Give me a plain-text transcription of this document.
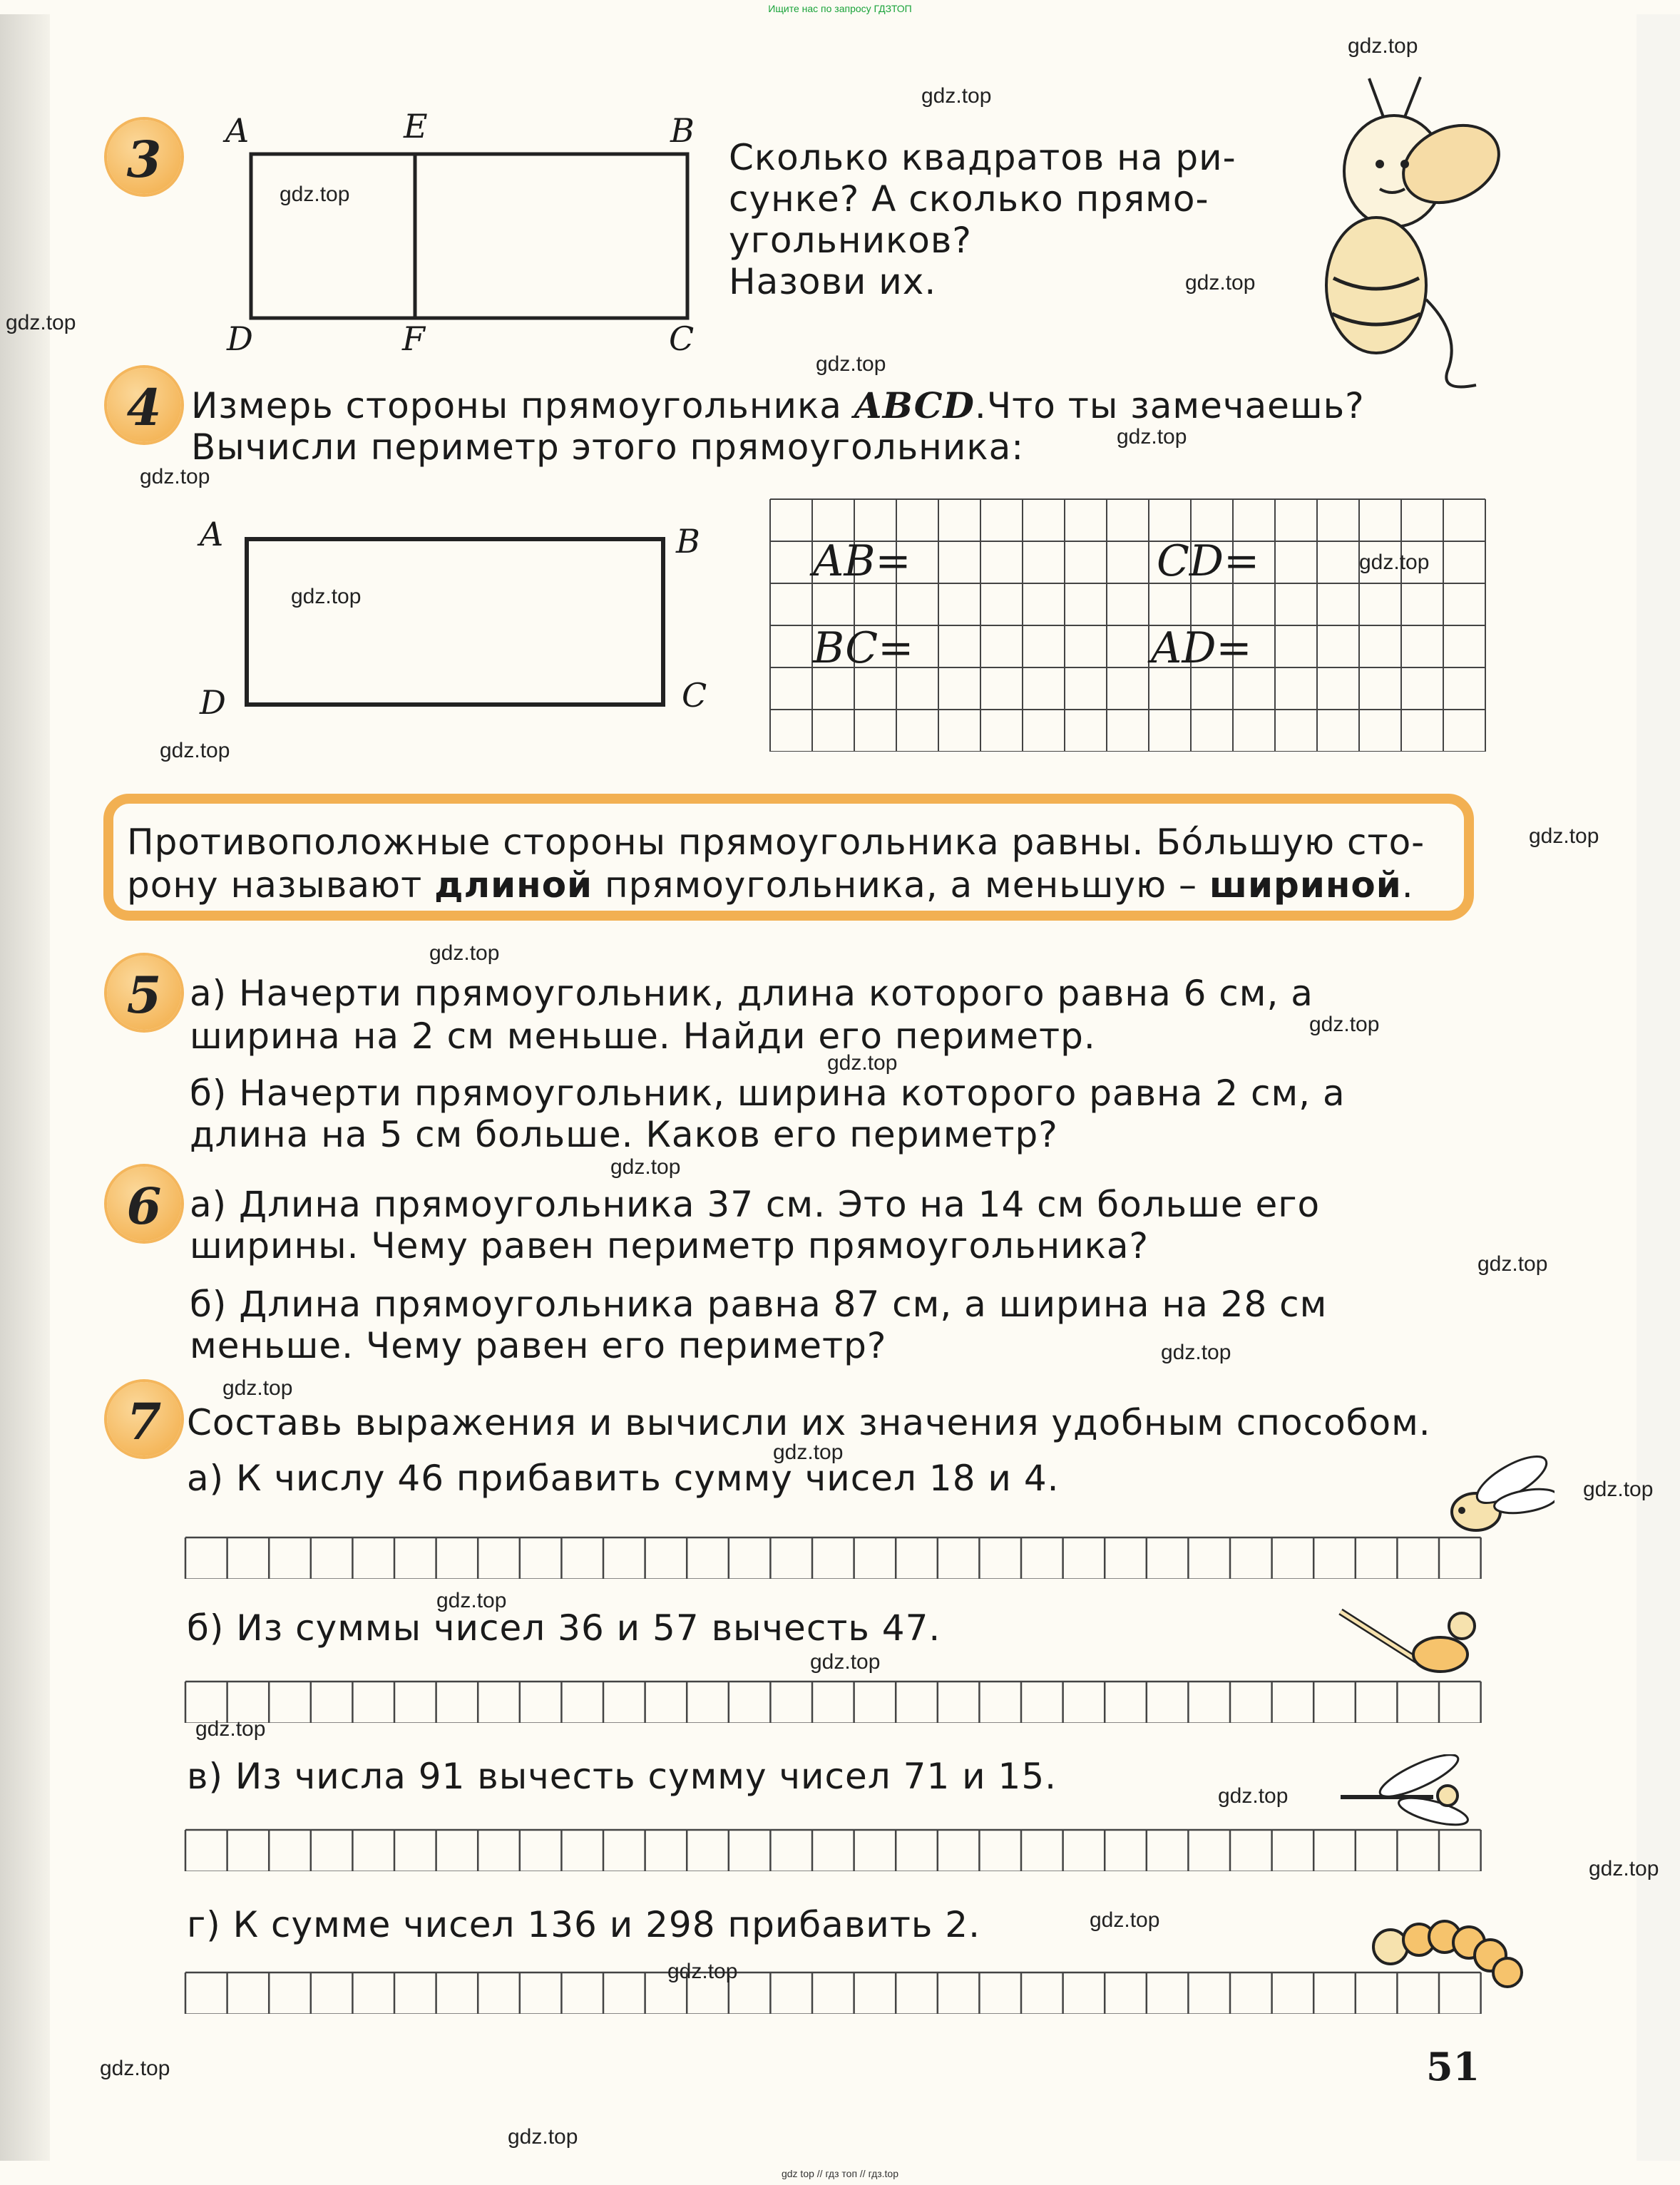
Ищите нас по запросу ГДЗТОП
gdz top // гдз топ // гдз.top
3	A	E	B
D	F	C
Сколько квадратов на ри-
сунке? А сколько прямо-
угольников?
Назови их.
4 Измерь стороны прямоугольника ABCD.Что ты замечаешь?
Вычисли периметр этого прямоугольника:
A	B
D	C
AB=	CD=
BC=	AD=
Противоположные стороны прямоугольника равны. Бо́льшую сто-
рону называют длиной прямоугольника, а меньшую – шириной.
5 а) Начерти прямоугольник, длина которого равна 6 см, а
ширина на 2 см меньше. Найди его периметр.
б) Начерти прямоугольник, ширина которого равна 2 см, а
длина на 5 см больше. Каков его периметр?
6 а) Длина прямоугольника 37 см. Это на 14 см больше его
ширины. Чему равен периметр прямоугольника?
б) Длина прямоугольника равна 87 см, а ширина на 28 см
меньше. Чему равен его периметр?
7 Составь выражения и вычисли их значения удобным способом.
а) К числу 46 прибавить сумму чисел 18 и 4.
б) Из суммы чисел 36 и 57 вычесть 47.
в) Из числа 91 вычесть сумму чисел 71 и 15.
г) К сумме чисел 136 и 298 прибавить 2.
51
gdz.top
gdz.top
gdz.top
gdz.top
gdz.top
gdz.top
gdz.top
gdz.top
gdz.top
gdz.top
gdz.top
gdz.top
gdz.top
gdz.top
gdz.top
gdz.top
gdz.top
gdz.top
gdz.top
gdz.top
gdz.top
gdz.top
gdz.top
gdz.top
gdz.top
gdz.top
gdz.top
gdz.top
gdz.top
gdz.top
